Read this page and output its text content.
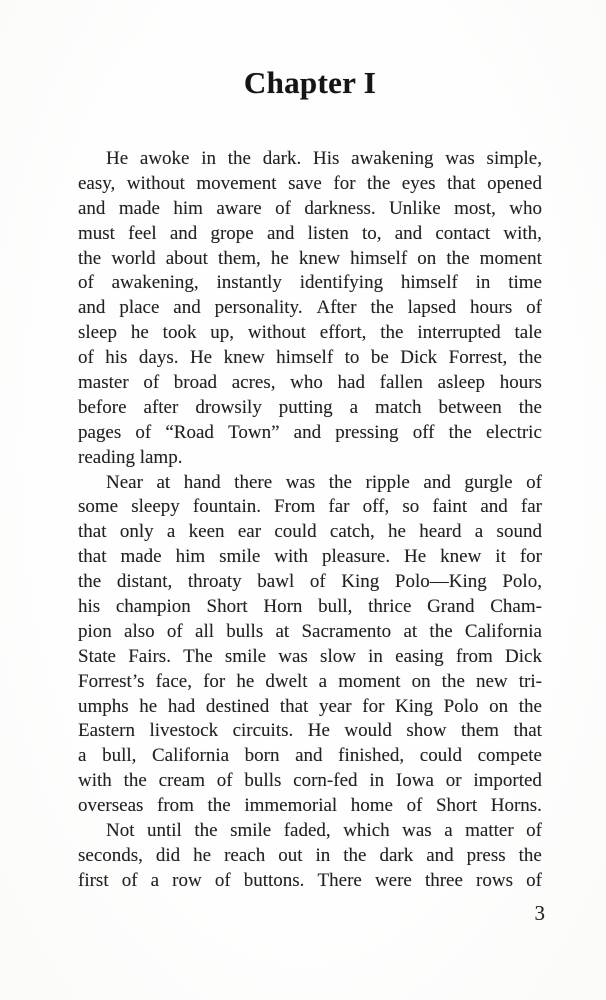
Chapter I
He awoke in the dark. His awakening was simple,
easy, without movement save for the eyes that opened
and made him aware of darkness. Unlike most, who
must feel and grope and listen to, and contact with,
the world about them, he knew himself on the moment
of awakening, instantly identifying himself in time
and place and personality. After the lapsed hours of
sleep he took up, without effort, the interrupted tale
of his days. He knew himself to be Dick Forrest, the
master of broad acres, who had fallen asleep hours
before after drowsily putting a match between the
pages of “Road Town” and pressing off the electric
reading lamp.
Near at hand there was the ripple and gurgle of
some sleepy fountain. From far off, so faint and far
that only a keen ear could catch, he heard a sound
that made him smile with pleasure. He knew it for
the distant, throaty bawl of King Polo—King Polo,
his champion Short Horn bull, thrice Grand Cham-
pion also of all bulls at Sacramento at the California
State Fairs. The smile was slow in easing from Dick
Forrest’s face, for he dwelt a moment on the new tri-
umphs he had destined that year for King Polo on the
Eastern livestock circuits. He would show them that
a bull, California born and finished, could compete
with the cream of bulls corn-fed in Iowa or imported
overseas from the immemorial home of Short Horns.
Not until the smile faded, which was a matter of
seconds, did he reach out in the dark and press the
first of a row of buttons. There were three rows of
3
